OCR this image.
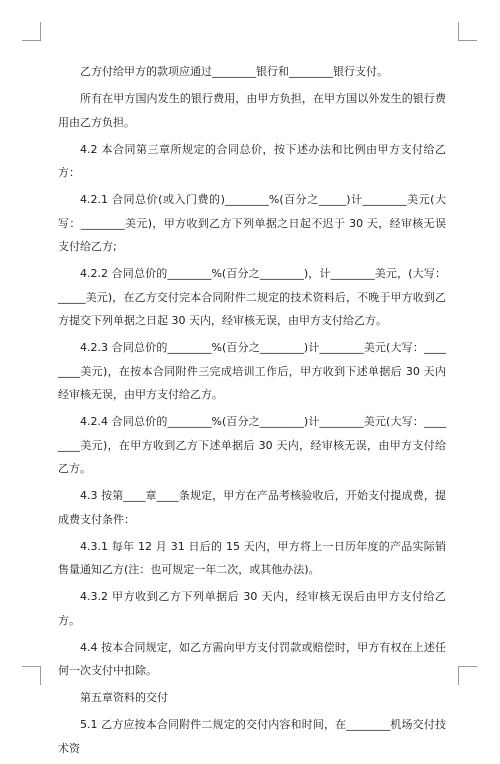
乙方付给甲方的款项应通过________银行和________银行支付。

所有在甲方国内发生的银行费用，由甲方负担，在甲方国以外发生的银行费用由乙方负担。

4.2 本合同第三章所规定的合同总价，按下述办法和比例由甲方支付给乙方：

4.2.1 合同总价(或入门费的)________%(百分之_____)计________美元(大写：________美元)，甲方收到乙方下列单据之日起不迟于 30 天，经审核无误支付给乙方;

4.2.2 合同总价的________%(百分之________)，计________美元，(大写：_____美元)，在乙方交付完本合同附件二规定的技术资料后，不晚于甲方收到乙方提交下列单据之日起 30 天内，经审核无误，由甲方支付给乙方。

4.2.3 合同总价的________%(百分之________)计________美元(大写：________美元)，在按本合同附件三完成培训工作后，甲方收到下述单据后 30 天内经审核无误，由甲方支付给乙方。

4.2.4 合同总价的________%(百分之________)计________美元(大写：________美元)，在甲方收到乙方下述单据后 30 天内，经审核无误，由甲方支付给乙方。

4.3 按第____章____条规定，甲方在产品考核验收后，开始支付提成费，提成费支付条件：

4.3.1 每年 12 月 31 日后的 15 天内，甲方将上一日历年度的产品实际销售量通知乙方(注：也可规定一年二次，或其他办法)。

4.3.2 甲方收到乙方下列单据后 30 天内，经审核无误后由甲方支付给乙方。

4.4 按本合同规定，如乙方需向甲方支付罚款或赔偿时，甲方有权在上述任何一次支付中扣除。

第五章资料的交付

5.1 乙方应按本合同附件二规定的交付内容和时间，在________机场交付技术资
